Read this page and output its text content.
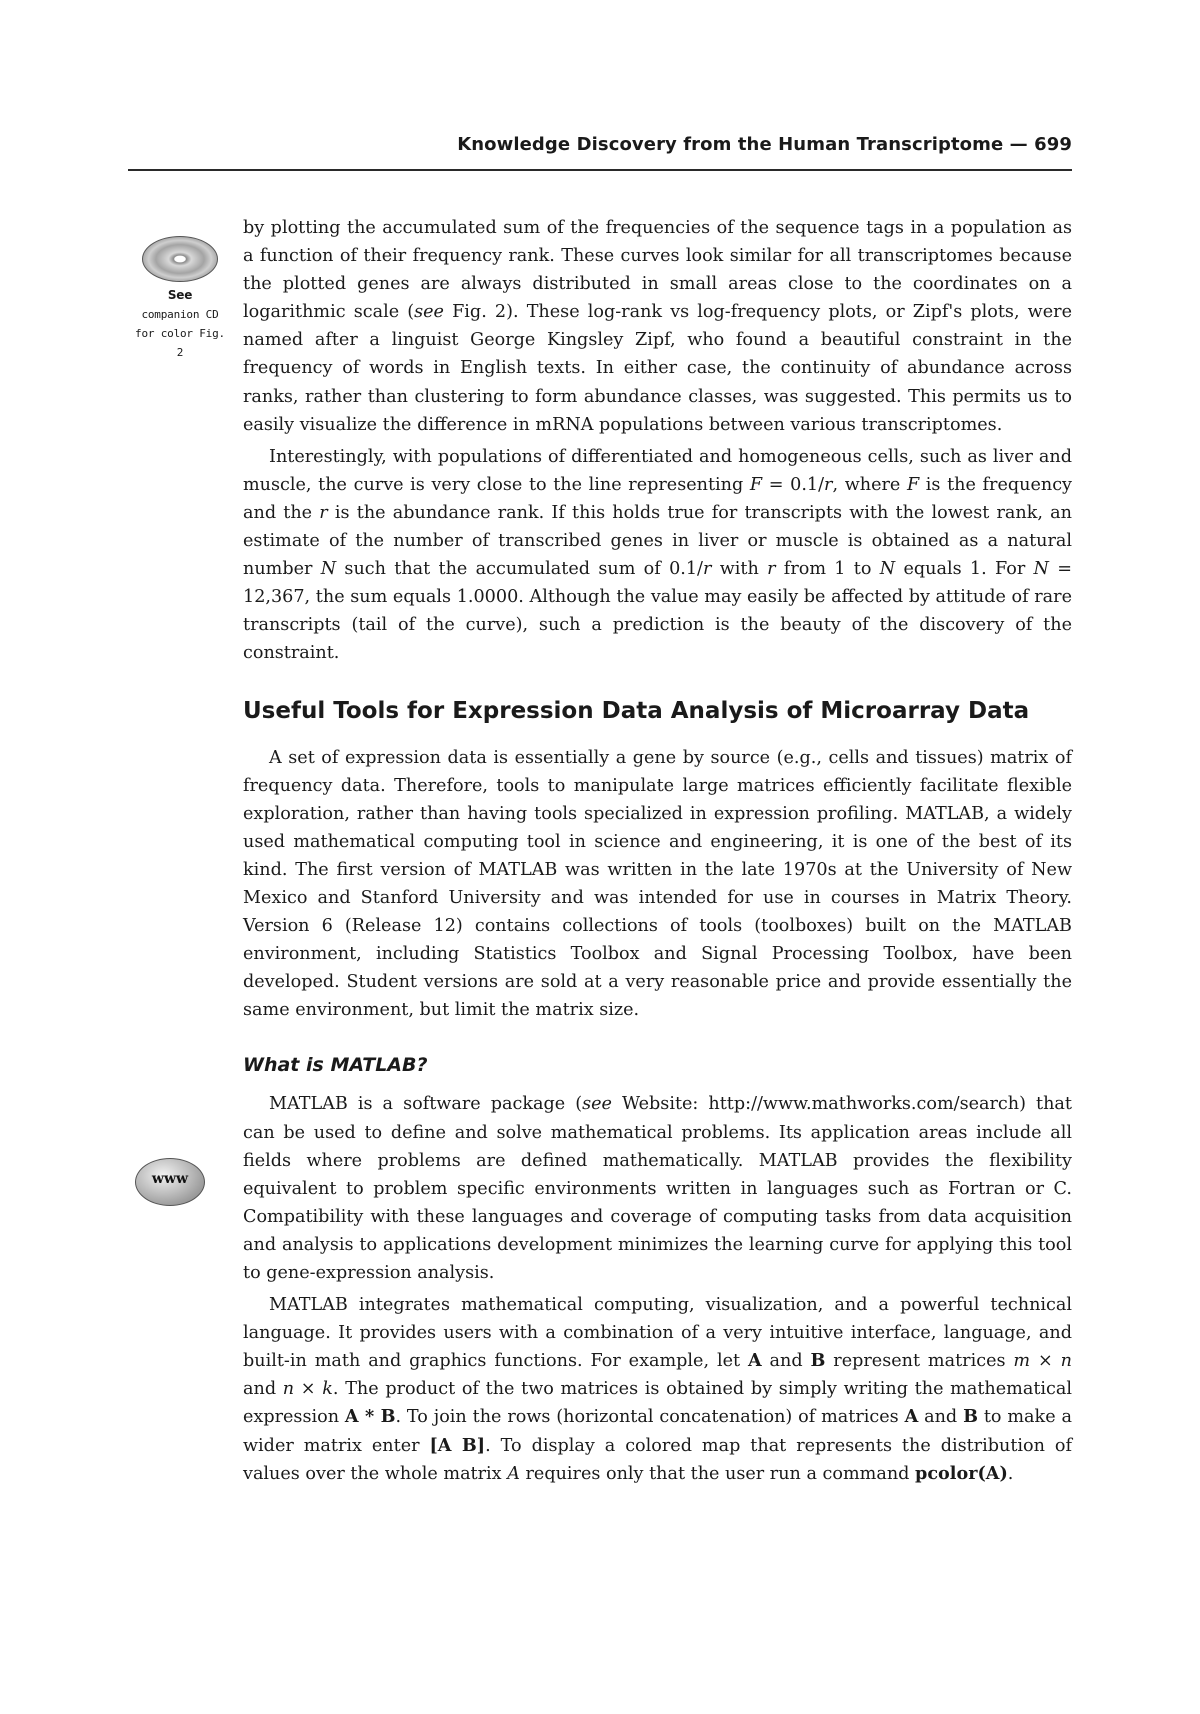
Knowledge Discovery from the Human Transcriptome — 699
See
companion CD
for color Fig. 2
www

by plotting the accumulated sum of the frequencies of the sequence tags in a population as a function of their frequency rank. These curves look similar for all transcriptomes because the plotted genes are always distributed in small areas close to the coordinates on a logarithmic scale (see Fig. 2). These log-rank vs log-frequency plots, or Zipf's plots, were named after a linguist George Kingsley Zipf, who found a beautiful constraint in the frequency of words in English texts. In either case, the continuity of abundance across ranks, rather than clustering to form abundance classes, was suggested. This permits us to easily visualize the difference in mRNA populations between various transcriptomes.

Interestingly, with populations of differentiated and homogeneous cells, such as liver and muscle, the curve is very close to the line representing F = 0.1/r, where F is the frequency and the r is the abundance rank. If this holds true for transcripts with the lowest rank, an estimate of the number of transcribed genes in liver or muscle is obtained as a natural number N such that the accumulated sum of 0.1/r with r from 1 to N equals 1. For N = 12,367, the sum equals 1.0000. Although the value may easily be affected by attitude of rare transcripts (tail of the curve), such a prediction is the beauty of the discovery of the constraint.

Useful Tools for Expression Data Analysis of Microarray Data

A set of expression data is essentially a gene by source (e.g., cells and tissues) matrix of frequency data. Therefore, tools to manipulate large matrices efficiently facilitate flexible exploration, rather than having tools specialized in expression profiling. MATLAB, a widely used mathematical computing tool in science and engineering, it is one of the best of its kind. The first version of MATLAB was written in the late 1970s at the University of New Mexico and Stanford University and was intended for use in courses in Matrix Theory. Version 6 (Release 12) contains collections of tools (toolboxes) built on the MATLAB environment, including Statistics Toolbox and Signal Processing Toolbox, have been developed. Student versions are sold at a very reasonable price and provide essentially the same environment, but limit the matrix size.

What is MATLAB?

MATLAB is a software package (see Website: http://www.mathworks.com/search) that can be used to define and solve mathematical problems. Its application areas include all fields where problems are defined mathematically. MATLAB provides the flexibility equivalent to problem specific environments written in languages such as Fortran or C. Compatibility with these languages and coverage of computing tasks from data acquisition and analysis to applications development minimizes the learning curve for applying this tool to gene-expression analysis.

MATLAB integrates mathematical computing, visualization, and a powerful technical language. It provides users with a combination of a very intuitive interface, language, and built-in math and graphics functions. For example, let A and B represent matrices m × n and n × k. The product of the two matrices is obtained by simply writing the mathematical expression A * B. To join the rows (horizontal concatenation) of matrices A and B to make a wider matrix enter [A B]. To display a colored map that represents the distribution of values over the whole matrix A requires only that the user run a command pcolor(A).
